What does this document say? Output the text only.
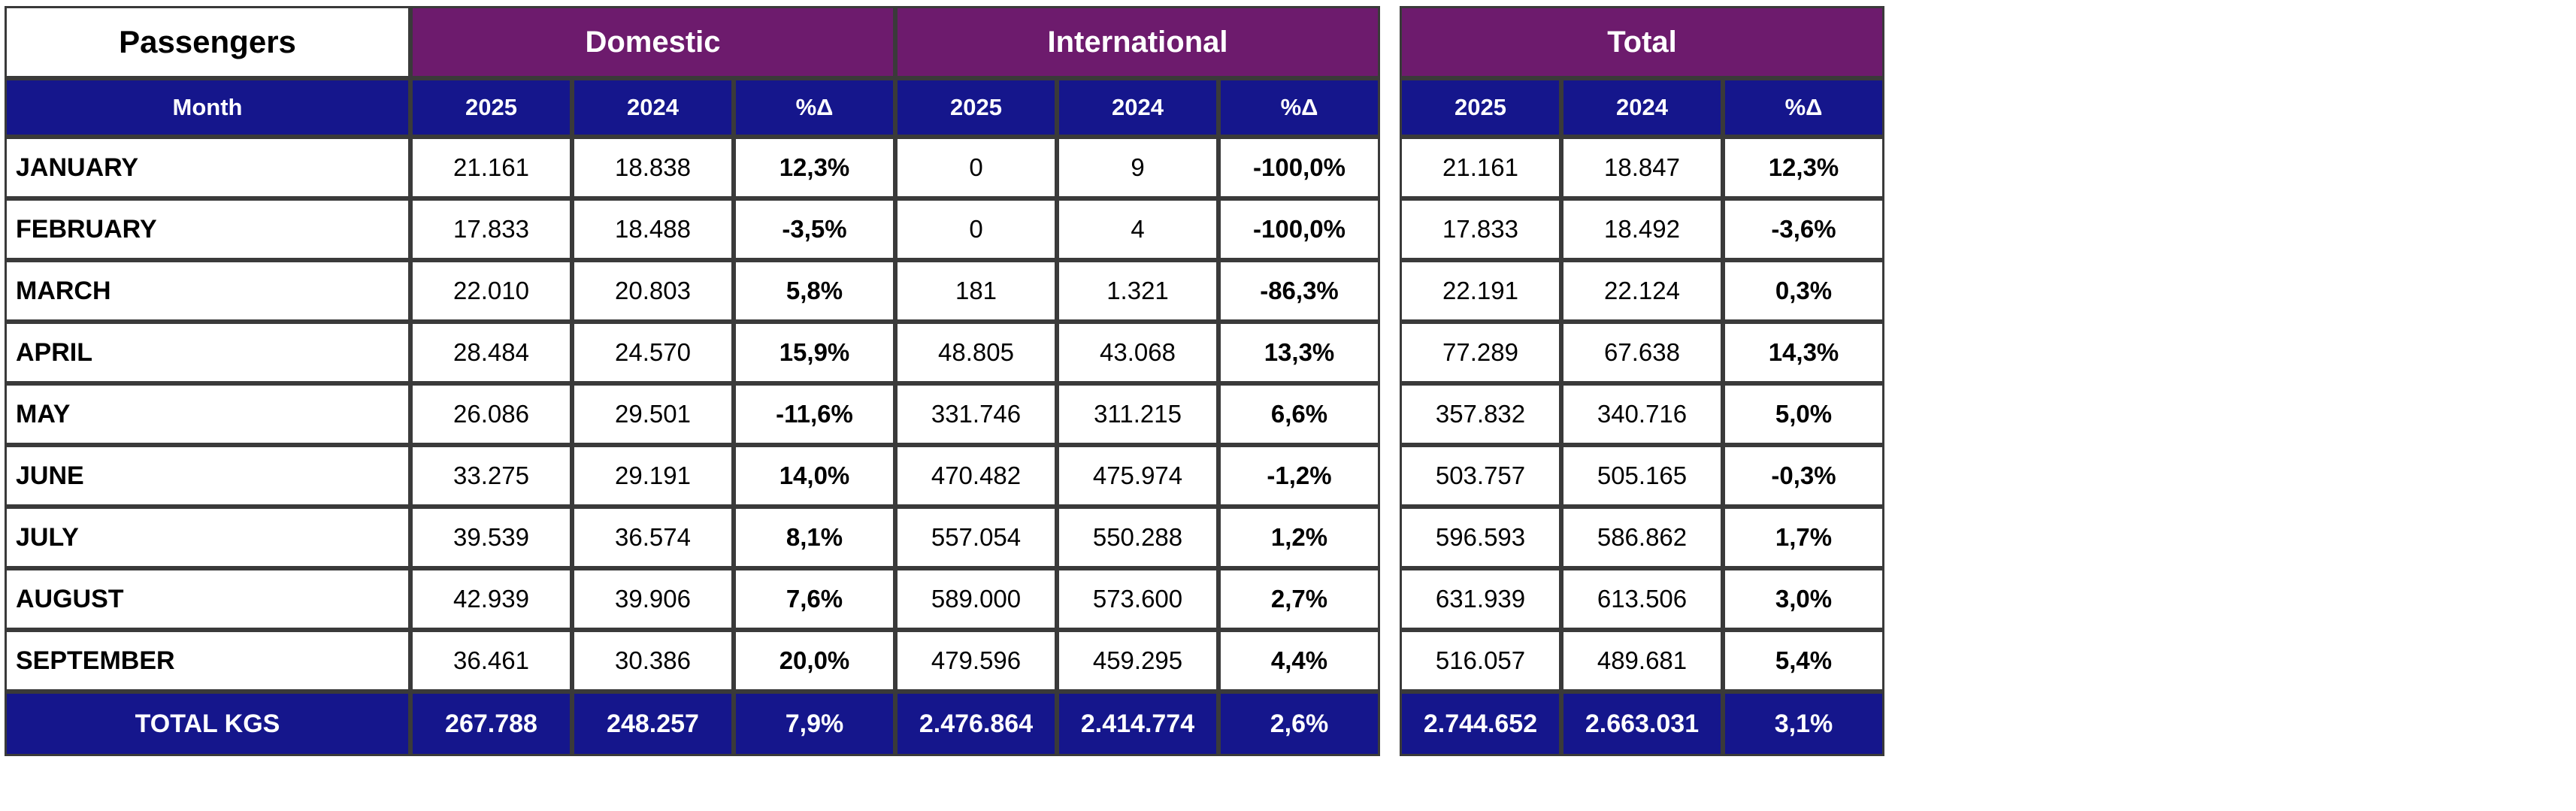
Passengers	Domestic			International		
Month	2025	2024	%Δ	2025	2024	%Δ
JANUARY	21.161	18.838	12,3%	0	9	-100,0%
FEBRUARY	17.833	18.488	-3,5%	0	4	-100,0%
MARCH	22.010	20.803	5,8%	181	1.321	-86,3%
APRIL	28.484	24.570	15,9%	48.805	43.068	13,3%
MAY	26.086	29.501	-11,6%	331.746	311.215	6,6%
JUNE	33.275	29.191	14,0%	470.482	475.974	-1,2%
JULY	39.539	36.574	8,1%	557.054	550.288	1,2%
AUGUST	42.939	39.906	7,6%	589.000	573.600	2,7%
SEPTEMBER	36.461	30.386	20,0%	479.596	459.295	4,4%
TOTAL KGS	267.788	248.257	7,9%	2.476.864	2.414.774	2,6%
Total		
2025	2024	%Δ
21.161	18.847	12,3%
17.833	18.492	-3,6%
22.191	22.124	0,3%
77.289	67.638	14,3%
357.832	340.716	5,0%
503.757	505.165	-0,3%
596.593	586.862	1,7%
631.939	613.506	3,0%
516.057	489.681	5,4%
2.744.652	2.663.031	3,1%
